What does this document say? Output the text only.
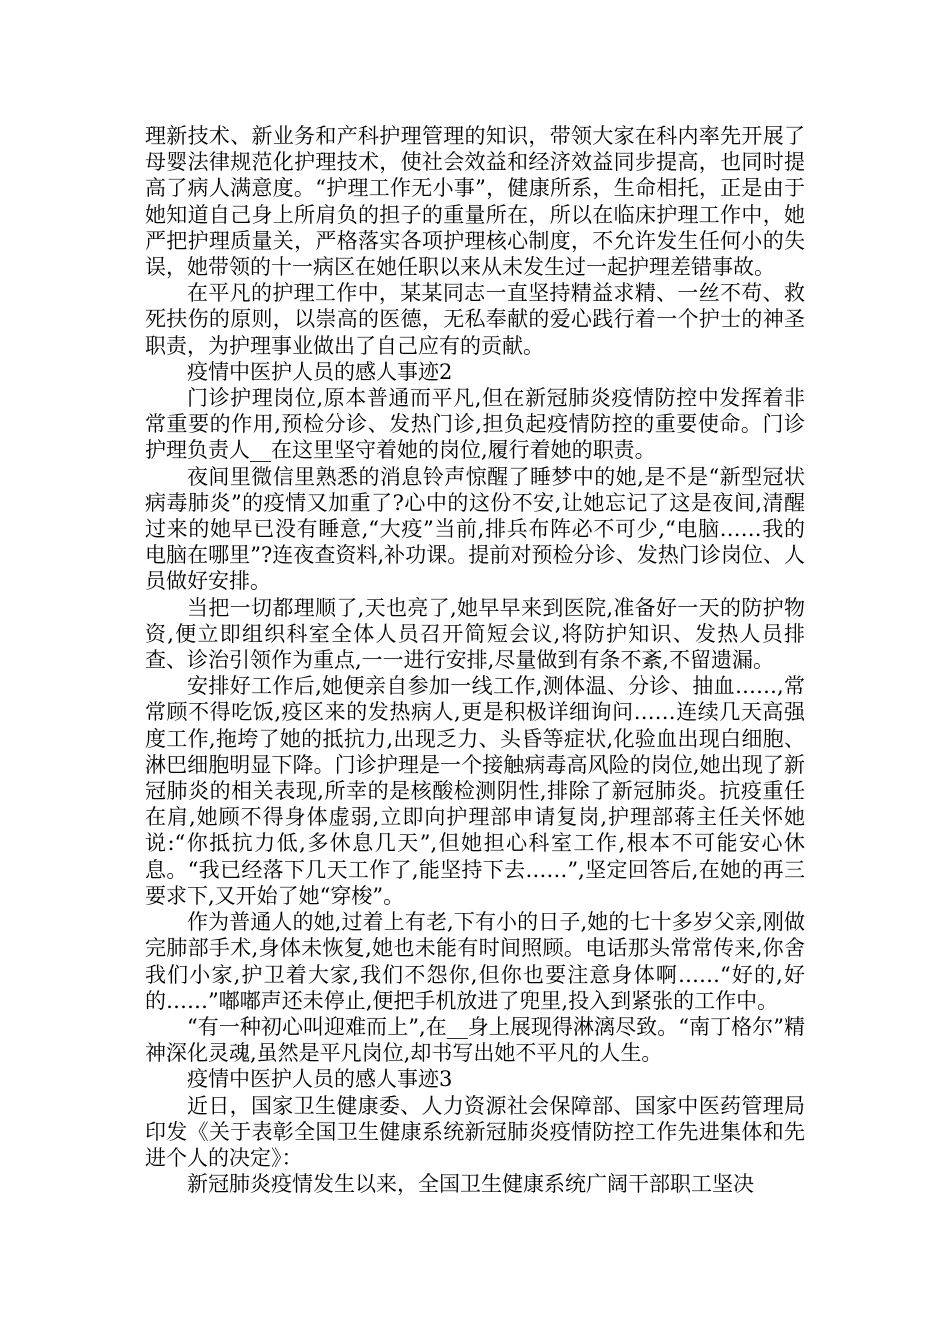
理新技术、新业务和产科护理管理的知识，带领大家在科内率先开展了母婴法律规范化护理技术，使社会效益和经济效益同步提高，也同时提高了病人满意度。“护理工作无小事”，健康所系，生命相托，正是由于她知道自己身上所肩负的担子的重量所在，所以在临床护理工作中，她严把护理质量关，严格落实各项护理核心制度，不允许发生任何小的失误，她带领的十一病区在她任职以来从未发生过一起护理差错事故。

在平凡的护理工作中，某某同志一直坚持精益求精、一丝不苟、救死扶伤的原则，以崇高的医德，无私奉献的爱心践行着一个护士的神圣职责，为护理事业做出了自己应有的贡献。

疫情中医护人员的感人事迹2

门诊护理岗位,原本普通而平凡,但在新冠肺炎疫情防控中发挥着非常重要的作用,预检分诊、发热门诊,担负起疫情防控的重要使命。门诊护理负责人__在这里坚守着她的岗位,履行着她的职责。

夜间里微信里熟悉的消息铃声惊醒了睡梦中的她,是不是“新型冠状病毒肺炎”的疫情又加重了?心中的这份不安,让她忘记了这是夜间,清醒过来的她早已没有睡意,“大疫”当前,排兵布阵必不可少,“电脑……我的电脑在哪里”?连夜查资料,补功课。提前对预检分诊、发热门诊岗位、人员做好安排。

当把一切都理顺了,天也亮了,她早早来到医院,准备好一天的防护物资,便立即组织科室全体人员召开简短会议,将防护知识、发热人员排查、诊治引领作为重点,一一进行安排,尽量做到有条不紊,不留遗漏。

安排好工作后,她便亲自参加一线工作,测体温、分诊、抽血……,常常顾不得吃饭,疫区来的发热病人,更是积极详细询问……连续几天高强度工作,拖垮了她的抵抗力,出现乏力、头昏等症状,化验血出现白细胞、淋巴细胞明显下降。门诊护理是一个接触病毒高风险的岗位,她出现了新冠肺炎的相关表现,所幸的是核酸检测阴性,排除了新冠肺炎。抗疫重任在肩,她顾不得身体虚弱,立即向护理部申请复岗,护理部蒋主任关怀她说:“你抵抗力低,多休息几天”,但她担心科室工作,根本不可能安心休息。“我已经落下几天工作了,能坚持下去……”,坚定回答后,在她的再三要求下,又开始了她“穿梭”。

作为普通人的她,过着上有老,下有小的日子,她的七十多岁父亲,刚做完肺部手术,身体未恢复,她也未能有时间照顾。电话那头常常传来,你舍我们小家,护卫着大家,我们不怨你,但你也要注意身体啊……“好的,好的……”嘟嘟声还未停止,便把手机放进了兜里,投入到紧张的工作中。

“有一种初心叫迎难而上”,在__身上展现得淋漓尽致。“南丁格尔”精神深化灵魂,虽然是平凡岗位,却书写出她不平凡的人生。

疫情中医护人员的感人事迹3

近日，国家卫生健康委、人力资源社会保障部、国家中医药管理局印发《关于表彰全国卫生健康系统新冠肺炎疫情防控工作先进集体和先进个人的决定》：

新冠肺炎疫情发生以来，全国卫生健康系统广阔干部职工坚决
